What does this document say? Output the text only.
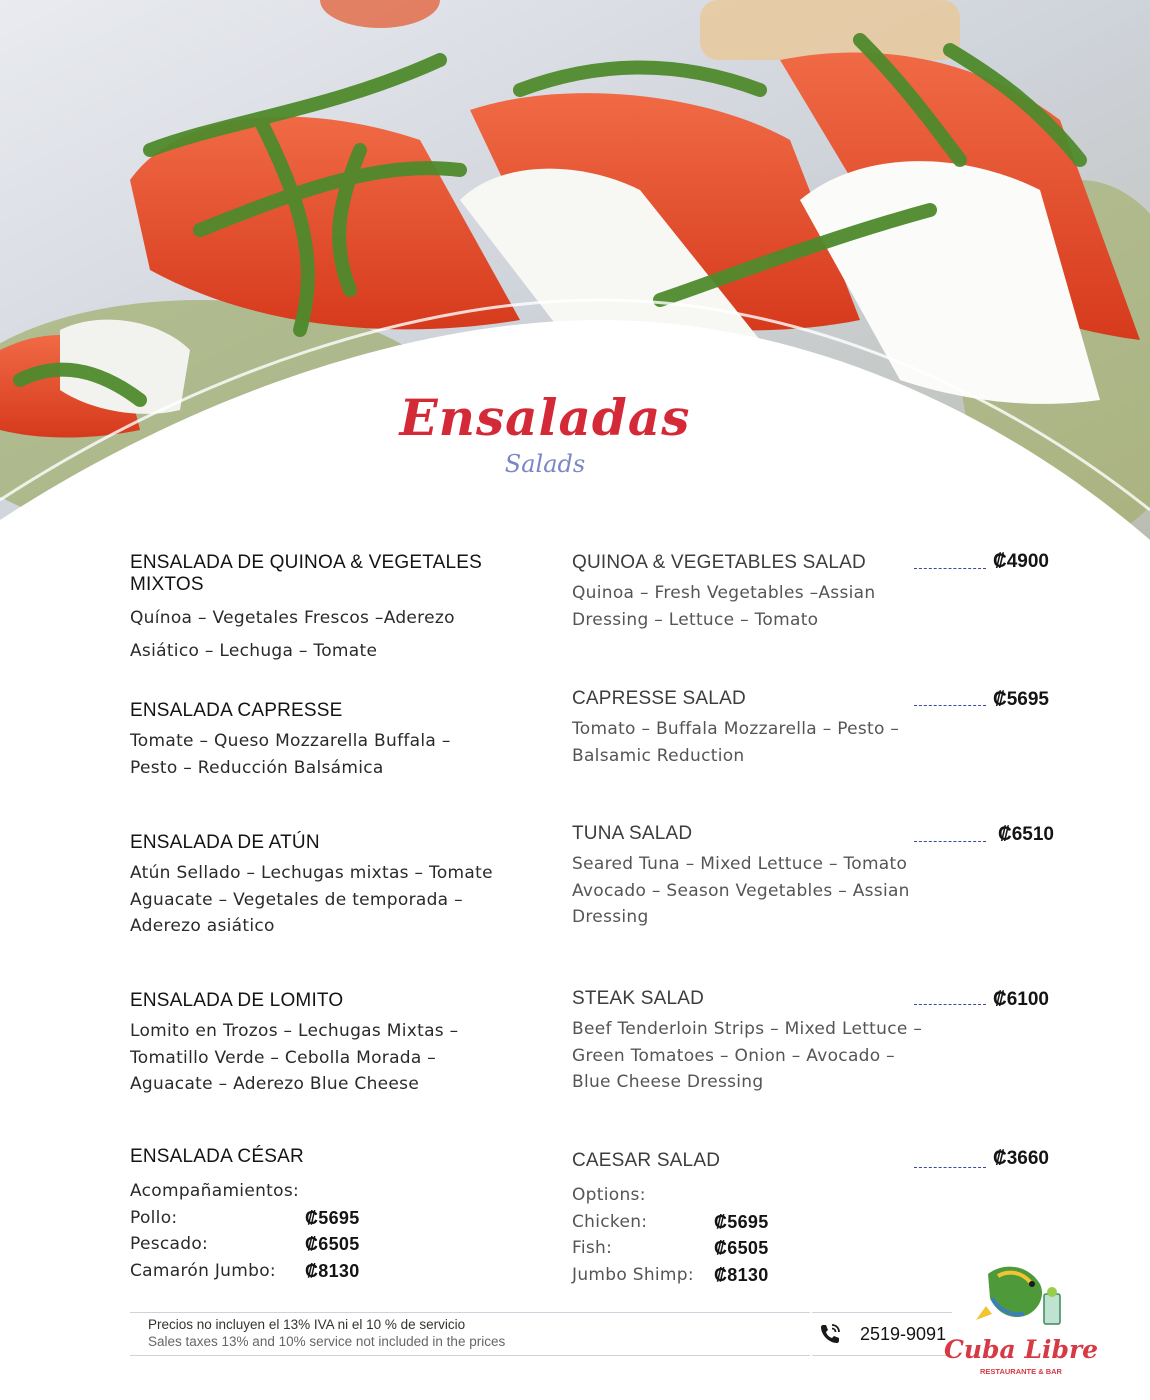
Ensaladas
Salads
ENSALADA DE QUINOA & VEGETALES MIXTOS
Quínoa – Vegetales Frescos –Aderezo
Asiático – Lechuga – Tomate
QUINOA & VEGETABLES SALAD
Quinoa – Fresh Vegetables –Assian
Dressing – Lettuce – Tomato
₡4900
ENSALADA CAPRESSE
Tomate – Queso Mozzarella Buffala –
Pesto – Reducción Balsámica
CAPRESSE SALAD
Tomato – Buffala Mozzarella – Pesto –
Balsamic Reduction
₡5695
ENSALADA DE ATÚN
Atún Sellado – Lechugas mixtas – Tomate
Aguacate – Vegetales de temporada –
Aderezo asiático
TUNA SALAD
Seared Tuna – Mixed Lettuce – Tomato
Avocado – Season Vegetables – Assian
Dressing
₡6510
ENSALADA DE LOMITO
Lomito en Trozos – Lechugas Mixtas –
Tomatillo Verde – Cebolla Morada –
Aguacate – Aderezo Blue Cheese
STEAK SALAD
Beef Tenderloin Strips – Mixed Lettuce –
Green Tomatoes – Onion – Avocado –
Blue Cheese Dressing
₡6100
ENSALADA CÉSAR
Acompañamientos:
Pollo:	₡5695
Pescado:	₡6505
Camarón Jumbo:	₡8130
CAESAR SALAD
Options:
Chicken:	₡5695
Fish:	₡6505
Jumbo Shimp:	₡8130
₡3660
Precios no incluyen el 13% IVA ni el 10 % de servicio
Sales taxes 13% and 10% service not included in the prices	2519-9091
Cuba Libre
RESTAURANTE & BAR
